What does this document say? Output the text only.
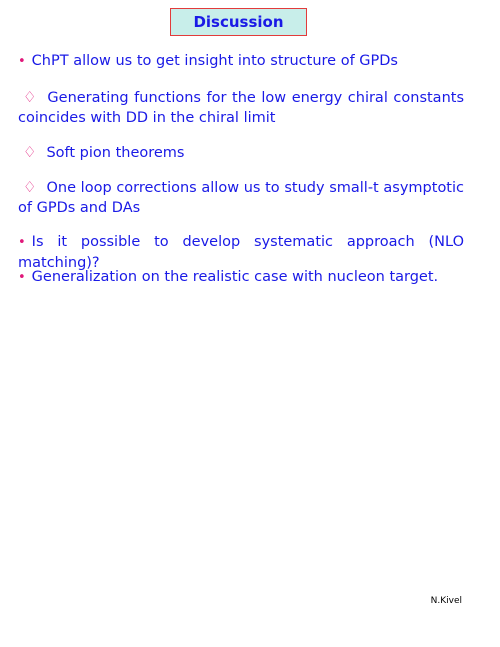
Discussion
• ChPT allow us to get insight into structure of GPDs
♢ Generating functions for the low energy chiral constants coincides with DD in the chiral limit
♢ Soft pion theorems
♢ One loop corrections allow us to study small-t asymptotic of GPDs and DAs
• Is it possible to develop systematic approach (NLO matching)?
• Generalization on the realistic case with nucleon target.
N.Kivel
